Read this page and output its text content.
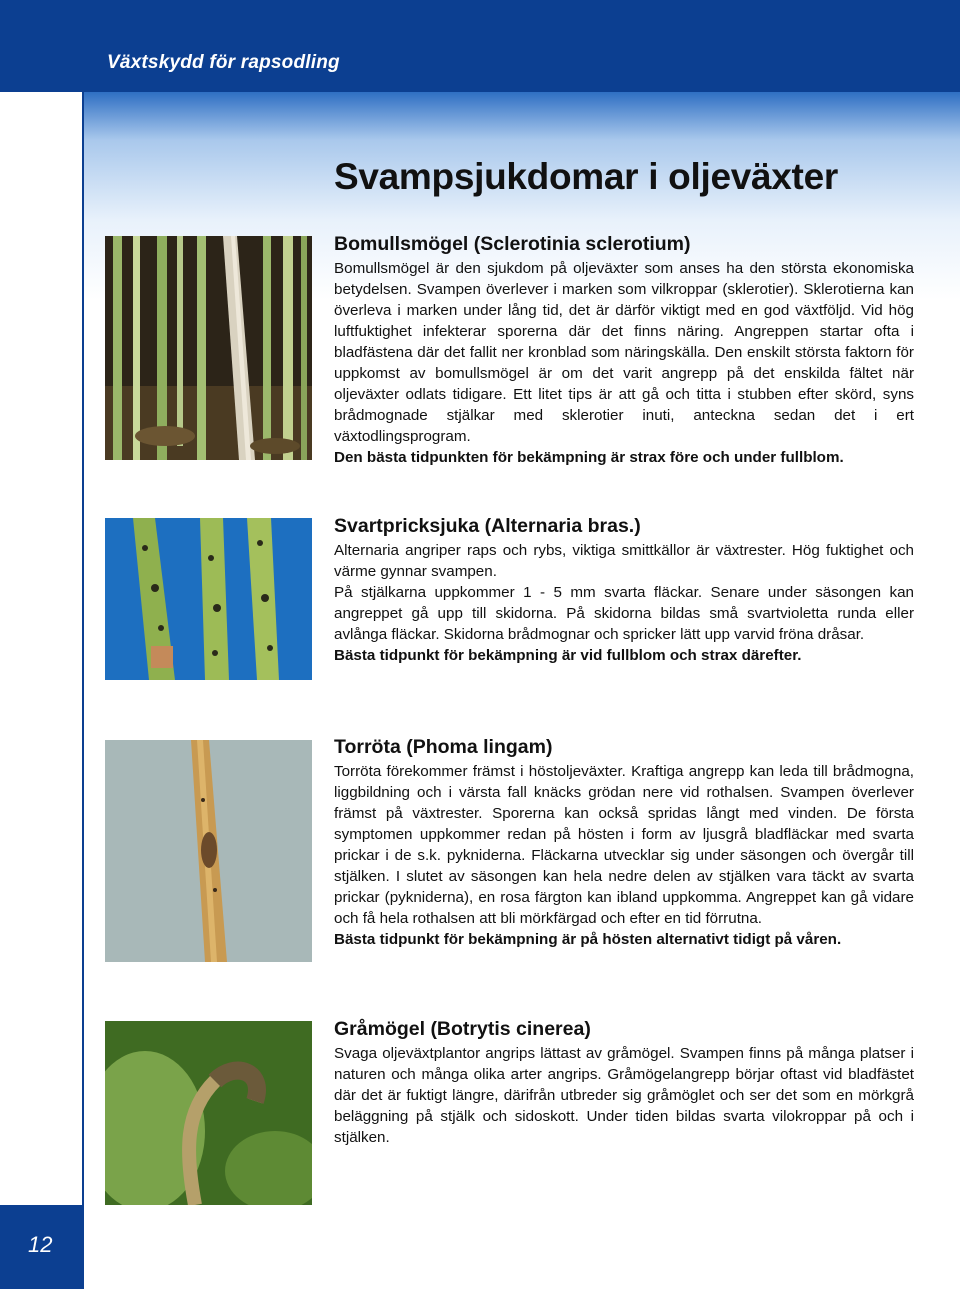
Växtskydd för rapsodling
12
Svampsjukdomar i oljeväxter
Bomullsmögel (Sclerotinia sclerotium)

Bomullsmögel är den sjukdom på oljeväxter som anses ha den största ekonomiska betydelsen. Svampen överlever i marken som vilkroppar (sklerotier). Sklerotierna kan överleva i marken under lång tid, det är därför viktigt med en god växtföljd. Vid hög luftfuktighet infekterar sporerna där det finns näring. Angreppen startar ofta i bladfästena där det fallit ner kronblad som näringskälla. Den enskilt största faktorn för uppkomst av bomullsmögel är om det varit angrepp på det enskilda fältet när oljeväxter odlats tidigare. Ett litet tips är att gå och titta i stubben efter skörd, syns brådmognade stjälkar med sklerotier inuti, anteckna sedan det i ert växtodlingsprogram.

Den bästa tidpunkten för bekämpning är strax före och under fullblom.

Svartpricksjuka (Alternaria bras.)

Alternaria angriper raps och rybs, viktiga smittkällor är växtrester. Hög fuktighet och värme gynnar svampen.

På stjälkarna uppkommer 1 - 5 mm svarta fläckar. Senare under säsongen kan angreppet gå upp till skidorna. På skidorna bildas små svartvioletta runda eller avlånga fläckar. Skidorna brådmognar och spricker lätt upp varvid fröna dråsar.

Bästa tidpunkt för bekämpning är vid fullblom och strax därefter.

Torröta (Phoma lingam)

Torröta förekommer främst i höstoljeväxter. Kraftiga angrepp kan leda till brådmogna, liggbildning och i värsta fall knäcks grödan nere vid rothalsen. Svampen överlever främst på växtrester. Sporerna kan också spridas långt med vinden. De första symptomen uppkommer redan på hösten i form av ljusgrå bladfläckar med svarta prickar i de s.k. pykniderna. Fläckarna utvecklar sig under säsongen och övergår till stjälken. I slutet av säsongen kan hela nedre delen av stjälken vara täckt av svarta prickar (pykniderna), en rosa färgton kan ibland uppkomma. Angreppet kan gå vidare och få hela rothalsen att bli mörkfärgad och efter en tid förrutna.

Bästa tidpunkt för bekämpning är på hösten alternativt tidigt på våren.

Gråmögel (Botrytis cinerea)

Svaga oljeväxtplantor angrips lättast av gråmögel. Svampen finns på många platser i naturen och många olika arter angrips. Gråmögelangrepp börjar oftast vid bladfästet där det är fuktigt längre, därifrån utbreder sig gråmöglet och ser det som en mörkgrå beläggning på stjälk och sidoskott. Under tiden bildas svarta vilokroppar på och i stjälken.
